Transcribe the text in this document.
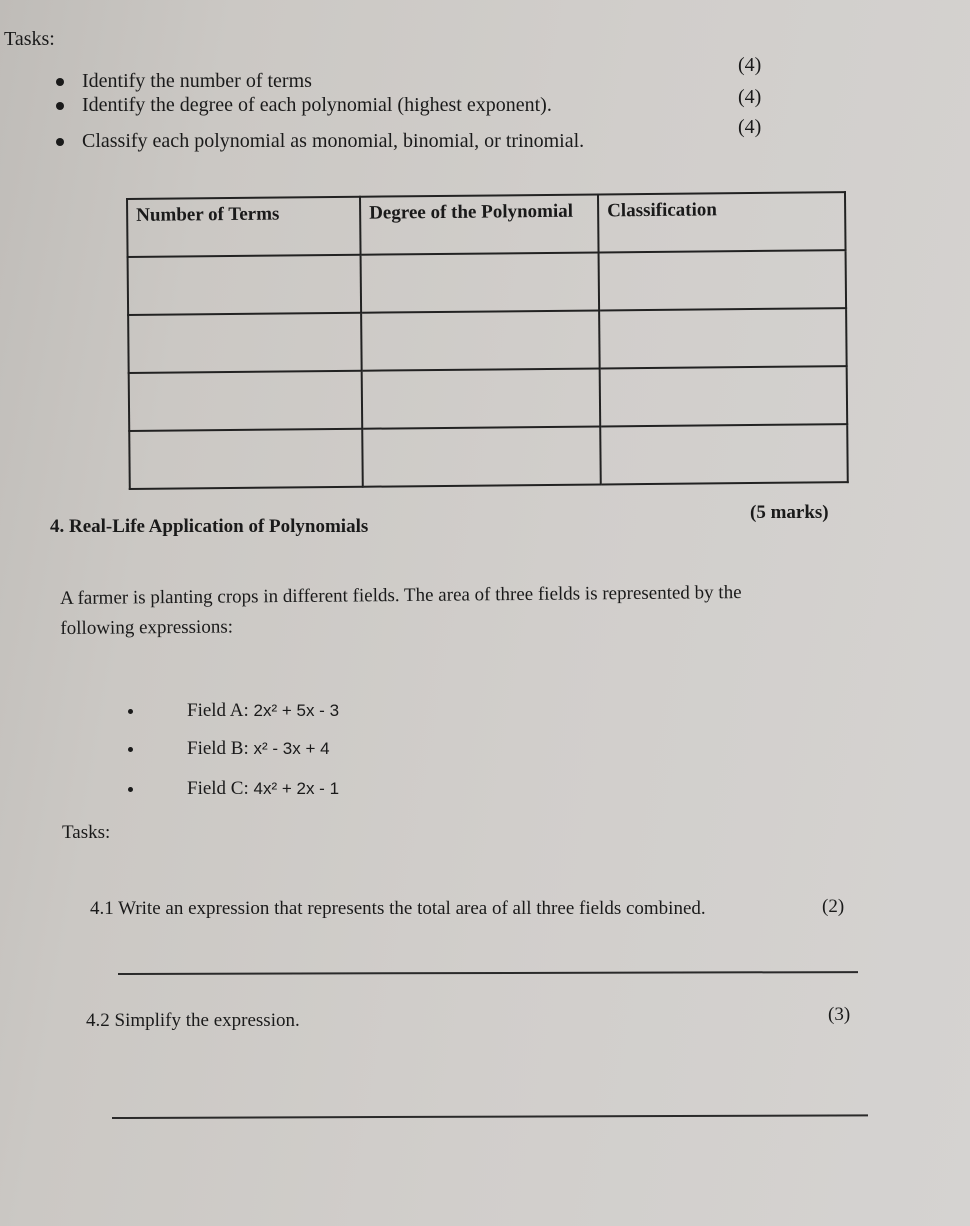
Tasks:
Identify the number of terms
Identify the degree of each polynomial (highest exponent).
Classify each polynomial as monomial, binomial, or trinomial.
(4)
(4)
(4)
Number of Terms	Degree of the Polynomial	Classification

4. Real-Life Application of Polynomials
(5 marks)
A farmer is planting crops in different fields. The area of three fields is represented by the following expressions:
Field A: 2x² + 5x - 3
Field B: x² - 3x + 4
Field C: 4x² + 2x - 1
Tasks:
4.1 Write an expression that represents the total area of all three fields combined.	(2)
4.2 Simplify the expression.	(3)
